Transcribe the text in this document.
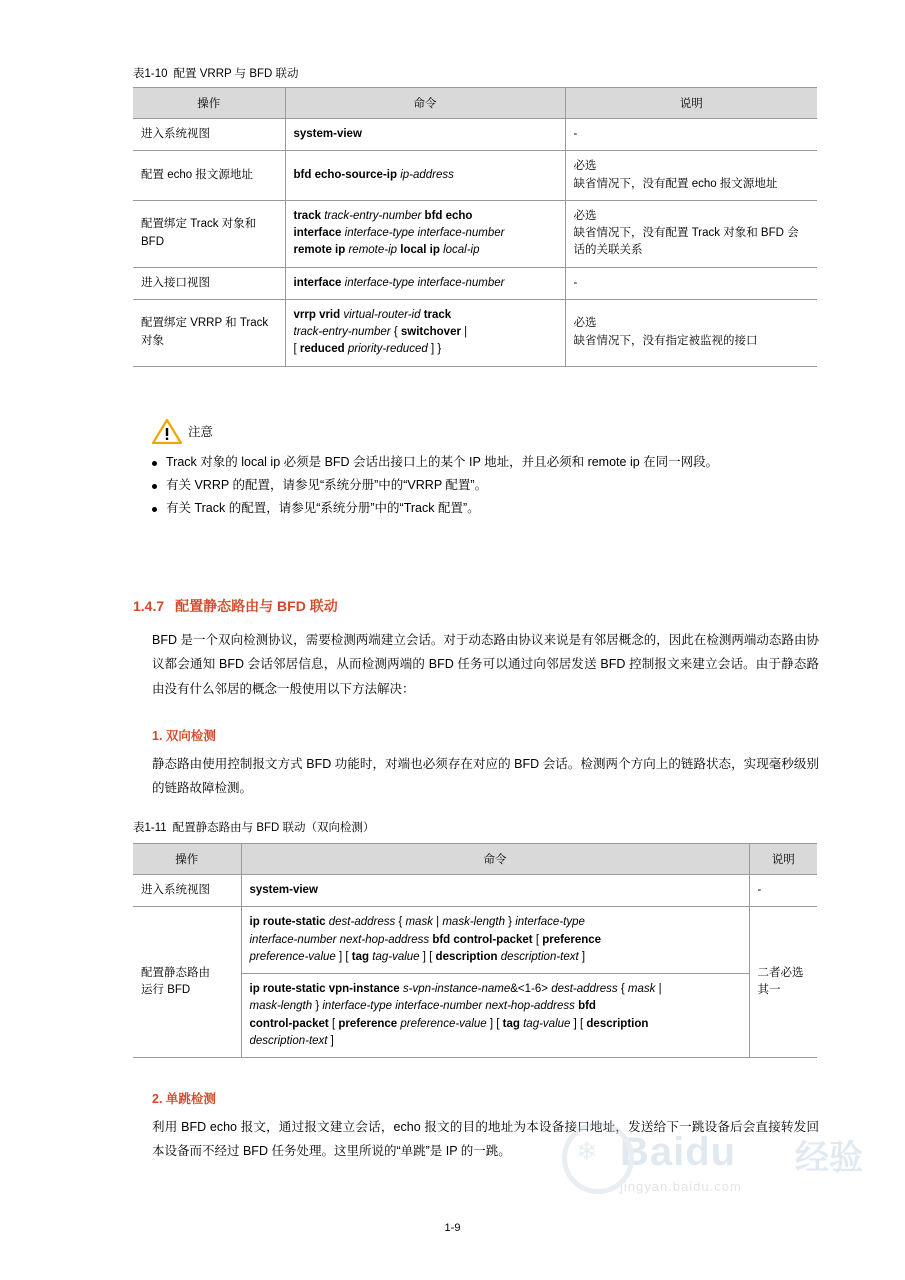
表1-10 配置 VRRP 与 BFD 联动
操作	命令	说明
进入系统视图	system-view	-
配置 echo 报文源地址	bfd echo-source-ip ip-address	必选
缺省情况下，没有配置 echo 报文源地址
配置绑定 Track 对象和 BFD	track track-entry-number bfd echo
interface interface-type interface-number
remote ip remote-ip local ip local-ip	必选
缺省情况下，没有配置 Track 对象和 BFD 会话的关联关系
进入接口视图	interface interface-type interface-number	-
配置绑定 VRRP 和 Track 对象	vrrp vrid virtual-router-id track
track-entry-number { switchover |
[ reduced priority-reduced ] }	必选
缺省情况下，没有指定被监视的接口
注意
Track 对象的 local ip 必须是 BFD 会话出接口上的某个 IP 地址，并且必须和 remote ip 在同一网段。
有关 VRRP 的配置，请参见“系统分册”中的“VRRP 配置”。
有关 Track 的配置，请参见“系统分册”中的“Track 配置”。
1.4.7 配置静态路由与 BFD 联动

BFD 是一个双向检测协议，需要检测两端建立会话。对于动态路由协议来说是有邻居概念的，因此在检测两端动态路由协议都会通知 BFD 会话邻居信息，从而检测两端的 BFD 任务可以通过向邻居发送 BFD 控制报文来建立会话。由于静态路由没有什么邻居的概念一般使用以下方法解决：

1. 双向检测

静态路由使用控制报文方式 BFD 功能时，对端也必须存在对应的 BFD 会话。检测两个方向上的链路状态，实现毫秒级别的链路故障检测。

表1-11 配置静态路由与 BFD 联动（双向检测）
操作	命令	说明
进入系统视图	system-view	-
配置静态路由
运行 BFD	ip route-static dest-address { mask | mask-length } interface-type
interface-number next-hop-address bfd control-packet [ preference
preference-value ] [ tag tag-value ] [ description description-text ]	二者必选
其一
	ip route-static vpn-instance s-vpn-instance-name&<1-6> dest-address { mask |
mask-length } interface-type interface-number next-hop-address bfd
control-packet [ preference preference-value ] [ tag tag-value ] [ description
description-text ]	
2. 单跳检测

利用 BFD echo 报文，通过报文建立会话，echo 报文的目的地址为本设备接口地址，发送给下一跳设备后会直接转发回本设备而不经过 BFD 任务处理。这里所说的“单跳”是 IP 的一跳。	❄ Baidu
jingyan.baidu.com
经验
1-9
